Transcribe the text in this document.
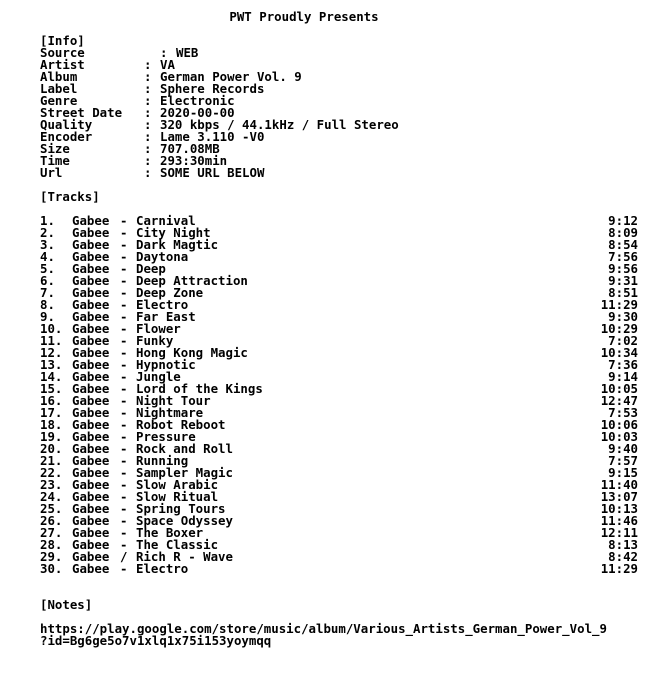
PWT Proudly Presents
[Info]
Source	: WEB
Artist	: VA
Album	: German Power Vol. 9
Label	: Sphere Records
Genre	: Electronic
Street Date : 2020-00-00
Quality	: 320 kbps / 44.1kHz / Full Stereo
Encoder	: Lame 3.110 -V0
Size	: 707.08MB
Time	: 293:30min
Url	: SOME URL BELOW
[Tracks]
1. Gabee - Carnival	9:12
2. Gabee - City Night	8:09
3. Gabee - Dark Magtic	8:54
4. Gabee - Daytona	7:56
5. Gabee - Deep	9:56
6. Gabee - Deep Attraction	9:31
7. Gabee - Deep Zone	8:51
8. Gabee - Electro	11:29
9. Gabee - Far East	9:30
10. Gabee - Flower	10:29
11. Gabee - Funky	7:02
12. Gabee - Hong Kong Magic	10:34
13. Gabee - Hypnotic	7:36
14. Gabee - Jungle	9:14
15. Gabee - Lord of the Kings	10:05
16. Gabee - Night Tour	12:47
17. Gabee - Nightmare	7:53
18. Gabee - Robot Reboot	10:06
19. Gabee - Pressure	10:03
20. Gabee - Rock and Roll	9:40
21. Gabee - Running	7:57
22. Gabee - Sampler Magic	9:15
23. Gabee - Slow Arabic	11:40
24. Gabee - Slow Ritual	13:07
25. Gabee - Spring Tours	10:13
26. Gabee - Space Odyssey	11:46
27. Gabee - The Boxer	12:11
28. Gabee - The Classic	8:13
29. Gabee / Rich R - Wave	8:42
30. Gabee - Electro	11:29
[Notes]
https://play.google.com/store/music/album/Various_Artists_German_Power_Vol_9
?id=Bg6ge5o7v1xlq1x75i153yoymqq
